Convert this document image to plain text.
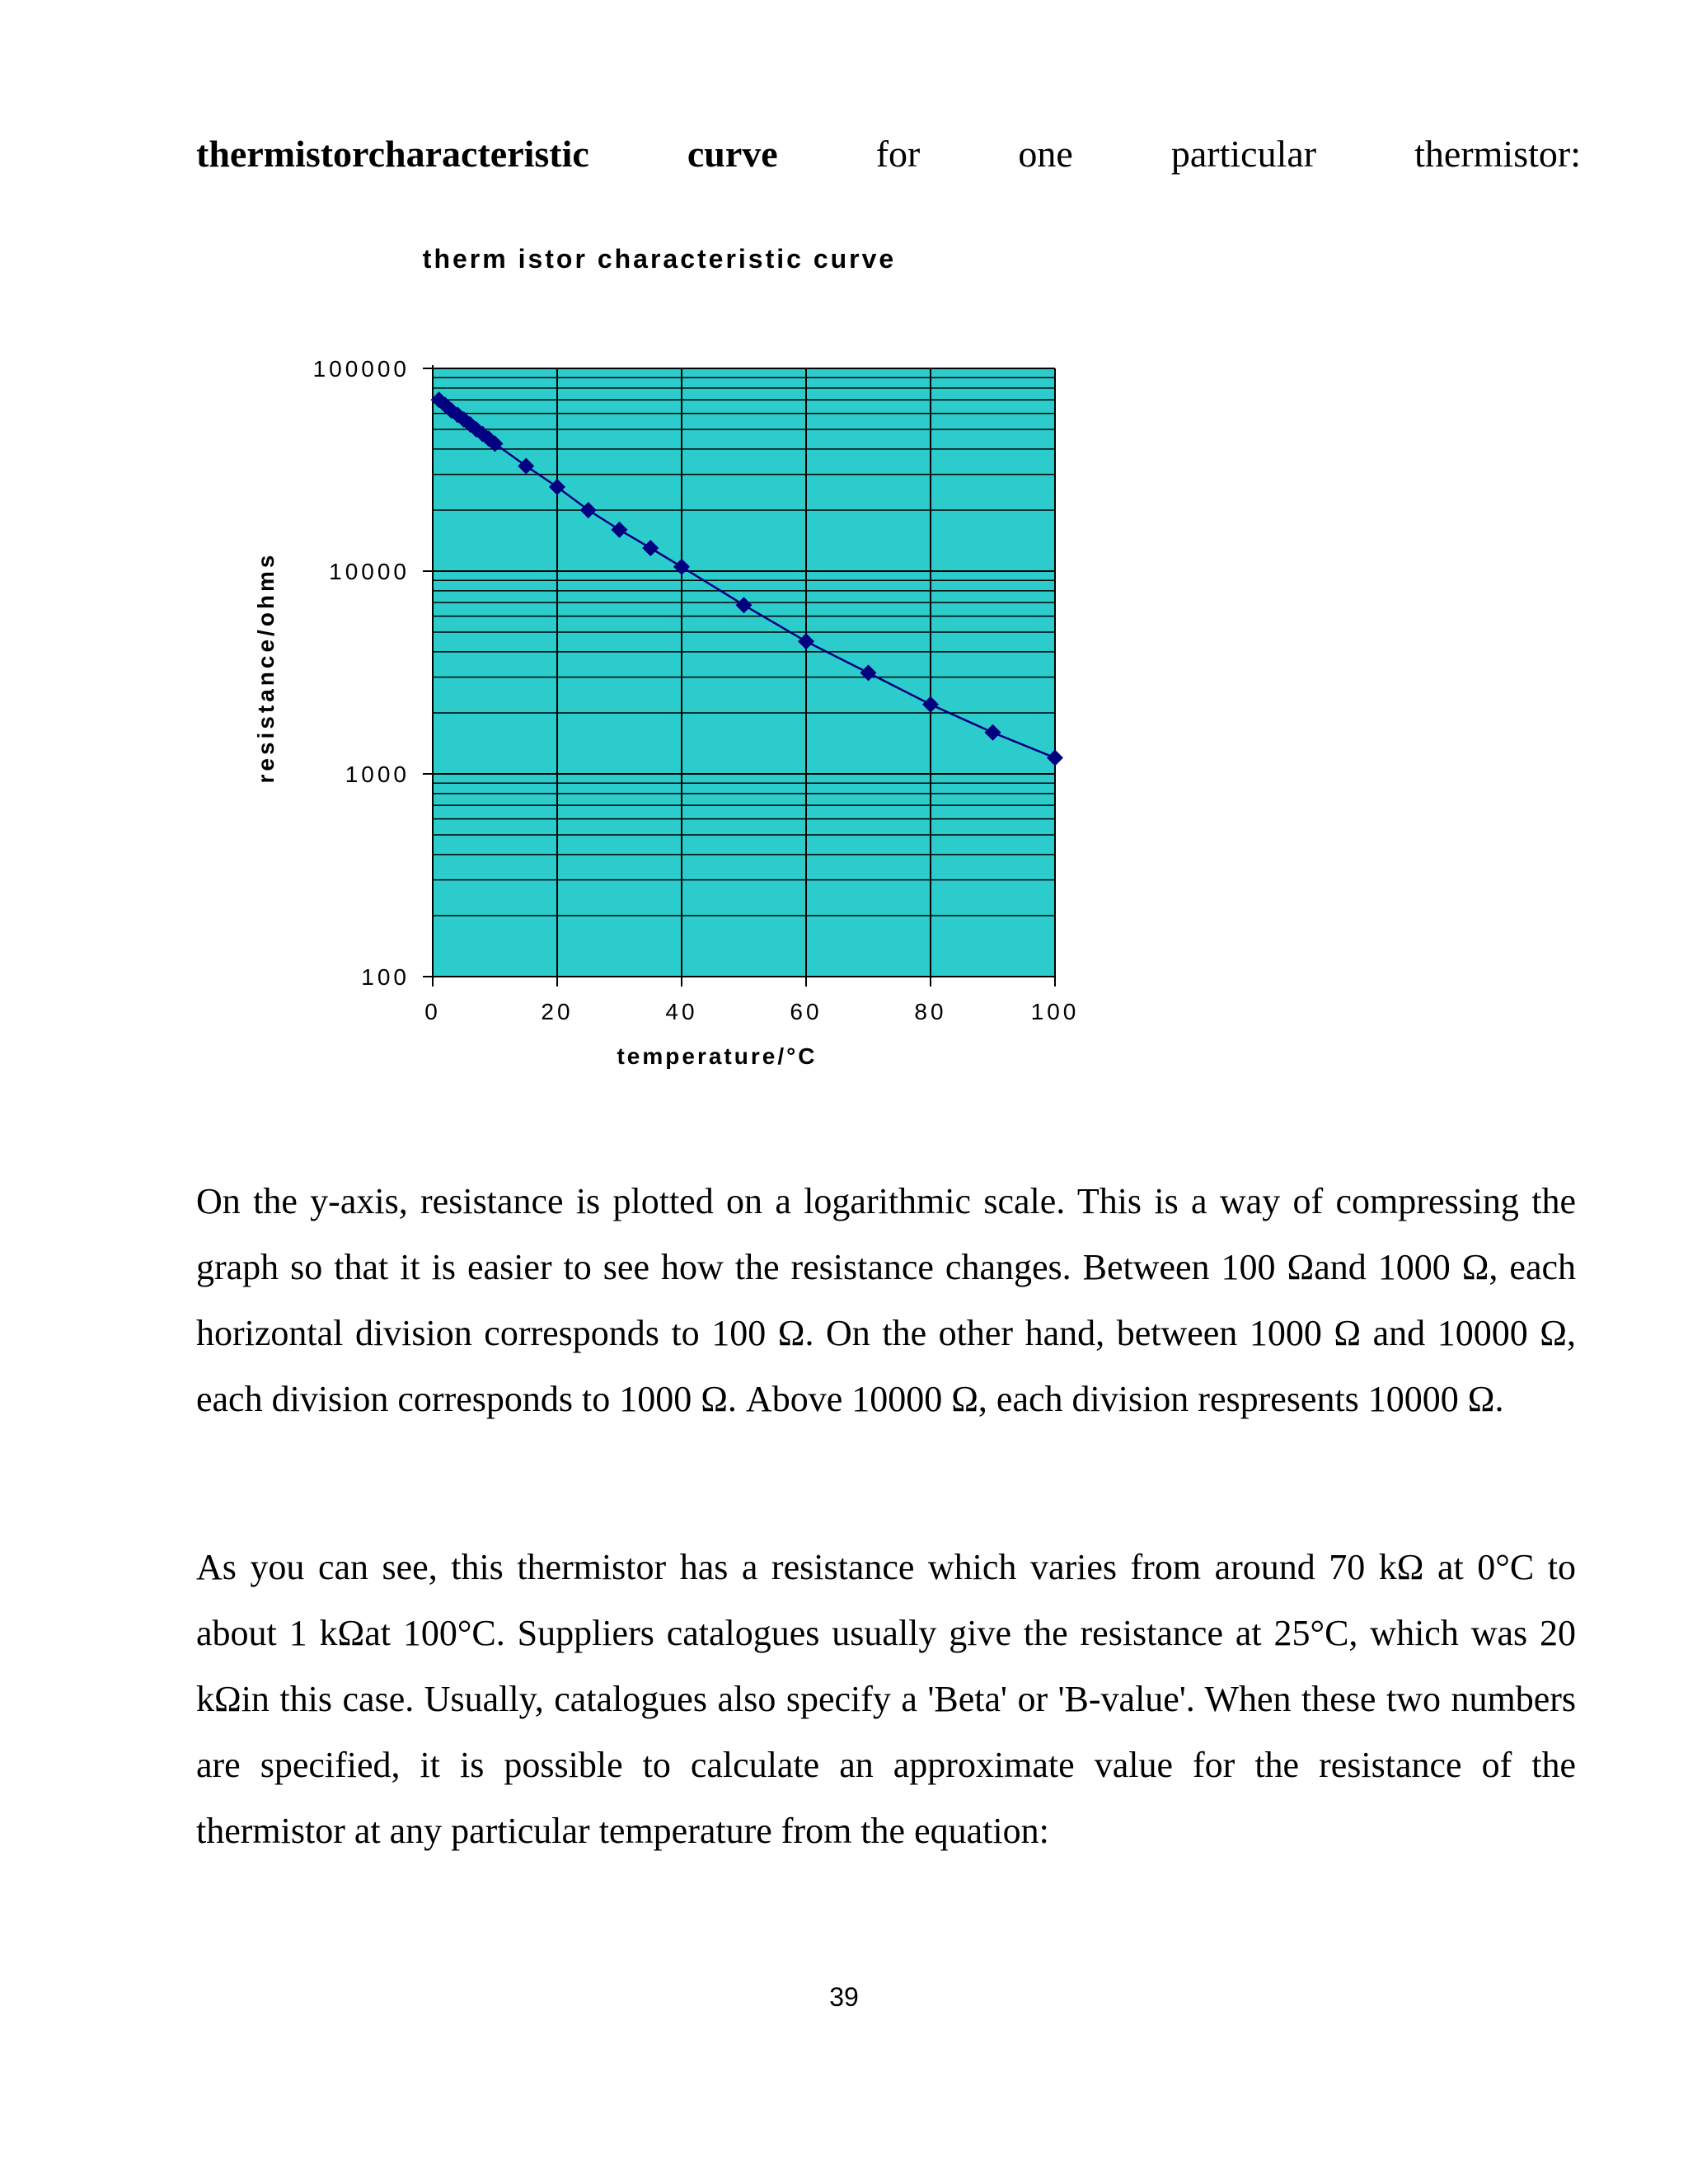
thermistorcharacteristic	curve	for	one	particular	thermistor:
therm istor characteristic curve
resistance/ohms
temperature/°C
0	20	40	60	80	100
100
1000
10000
100000
On the y-axis, resistance is plotted on a logarithmic scale. This is a way of compressing the graph so that it is easier to see how the resistance changes. Between 100 Ωand 1000 Ω, each horizontal division corresponds to 100 Ω. On the other hand, between 1000 Ω and 10000 Ω, each division corresponds to 1000 Ω. Above 10000 Ω, each division respresents 10000 Ω.
As you can see, this thermistor has a resistance which varies from around 70 kΩ at 0°C to about 1 kΩat 100°C. Suppliers catalogues usually give the resistance at 25°C, which was 20 kΩin this case. Usually, catalogues also specify a 'Beta' or 'B-value'. When these two numbers are specified, it is possible to calculate an approximate value for the resistance of the thermistor at any particular temperature from the equation:
39
